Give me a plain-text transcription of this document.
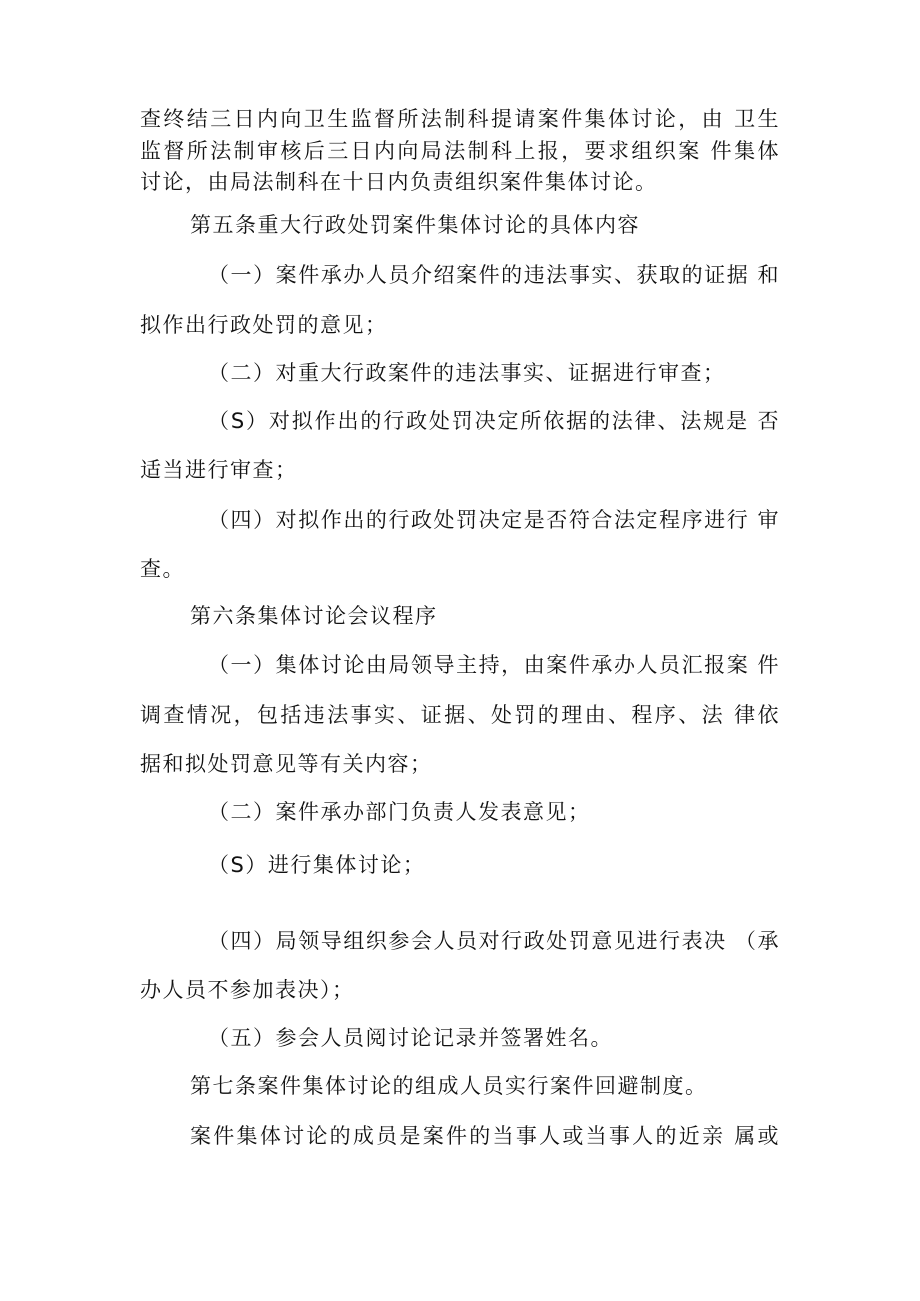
查终结三日内向卫生监督所法制科提请案件集体讨论，由 卫生
监督所法制审核后三日内向局法制科上报，要求组织案 件集体
讨论，由局法制科在十日内负责组织案件集体讨论。
第五条重大行政处罚案件集体讨论的具体内容
（一）案件承办人员介绍案件的违法事实、获取的证据 和
拟作出行政处罚的意见；
（二）对重大行政案件的违法事实、证据进行审查；
（S）对拟作出的行政处罚决定所依据的法律、法规是 否
适当进行审查；
（四）对拟作出的行政处罚决定是否符合法定程序进行 审
查。
第六条集体讨论会议程序
（一）集体讨论由局领导主持，由案件承办人员汇报案 件
调查情况，包括违法事实、证据、处罚的理由、程序、法 律依
据和拟处罚意见等有关内容；
（二）案件承办部门负责人发表意见；
（S）进行集体讨论；
（四）局领导组织参会人员对行政处罚意见进行表决 （承
办人员不参加表决）；
（五）参会人员阅讨论记录并签署姓名。
第七条案件集体讨论的组成人员实行案件回避制度。
案件集体讨论的成员是案件的当事人或当事人的近亲 属或
